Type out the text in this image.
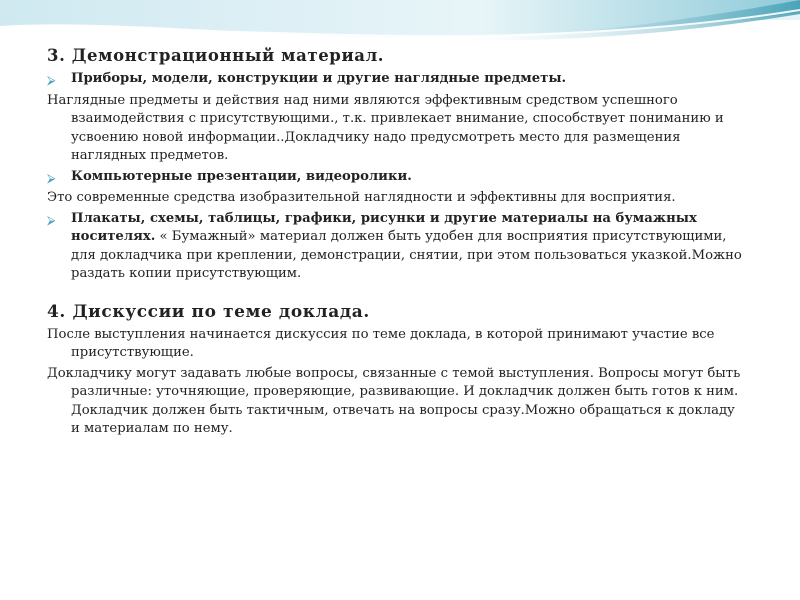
3. Демонстрационный материал.
⮚ Приборы, модели, конструкции и другие наглядные предметы.

Наглядные предметы и действия над ними являются эффективным средством успешного взаимодействия с присутствующими., т.к. привлекает внимание, способствует пониманию и усвоению новой информации..Докладчику надо предусмотреть место для размещения наглядных предметов.

⮚ Компьютерные презентации, видеоролики.

Это современные средства изобразительной наглядности и эффективны для восприятия.

⮚ Плакаты, схемы, таблицы, графики, рисунки и другие материалы на бумажных носителях. « Бумажный» материал должен быть удобен для восприятия присутствующими, для докладчика при креплении, демонстрации, снятии, при этом пользоваться указкой.Можно раздать копии присутствующим.
4. Дискуссии по теме доклада.

После выступления начинается дискуссия по теме доклада, в которой принимают участие все присутствующие.

Докладчику могут задавать любые вопросы, связанные с темой выступления. Вопросы могут быть различные: уточняющие, проверяющие, развивающие. И докладчик должен быть готов к ним. Докладчик должен быть тактичным, отвечать на вопросы сразу.Можно обращаться к докладу и материалам по нему.
